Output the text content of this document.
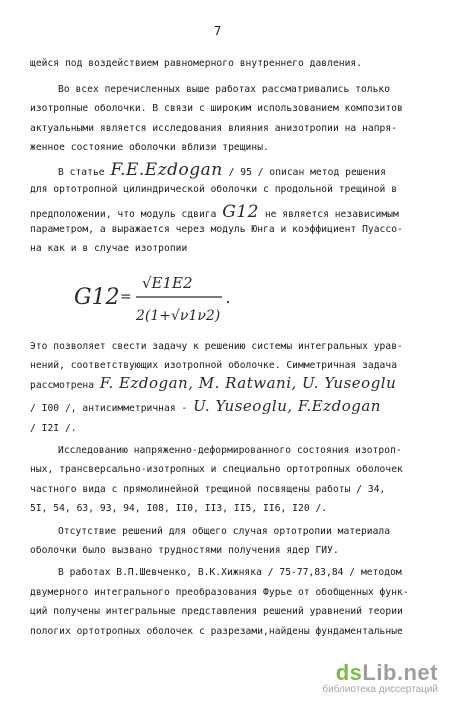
7
щейся под воздействием равномерного внутреннего давления.
Во всех перечисленных выше работах рассматривались только
изотропные оболочки. В связи с широким использованием композитов
актуальными является исследования влияния анизотропии на напря-
женное состояние оболочки вблизи трещины.
В статье F.E.Ezdogan / 95 / описан метод решения
для ортотропной цилиндрической оболочки с продольной трещиной в
предположении, что модуль сдвига G12 не является независимым
параметром, а выражается через модуль Юнга и коэффициент Пуассо-
на как и в случае изотропии
G12 =
√E1E2
2(1+√ν1ν2)
Это позволяет свести задачу к решению системы интегральных урав-
нений, соответствующих изотропной оболочке. Симметричная задача
рассмотрена F. Ezdogan, M. Ratwani, U. Yuseoglu
/ I00 /, антисимметричная - U. Yuseoglu, F.Ezdogan
/ I2I /.
Исследованию напряженно-деформированного состояния изотроп-
ных, трансверсально-изотропных и специально ортотропных оболочек
частного вида с прямолинейной трещиной посвящены работы / 34,
5I, 54, 63, 93, 94, I08, II0, II3, II5, II6, I20 /.
Отсутствие решений для общего случая ортотропии материала
оболочки было вызвано трудностями получения ядер ГИУ.
В работах В.П.Шевченко, В.К.Хижняка / 75-77,83,84 / методом
двумерного интегрального преобразования Фурье от обобщенных функ-
ций получены интегральные представления решений уравнений теории
пологих ортотропных оболочек с разрезами,найдены фундаментальные
dsLib.net
библиотека диссертаций
